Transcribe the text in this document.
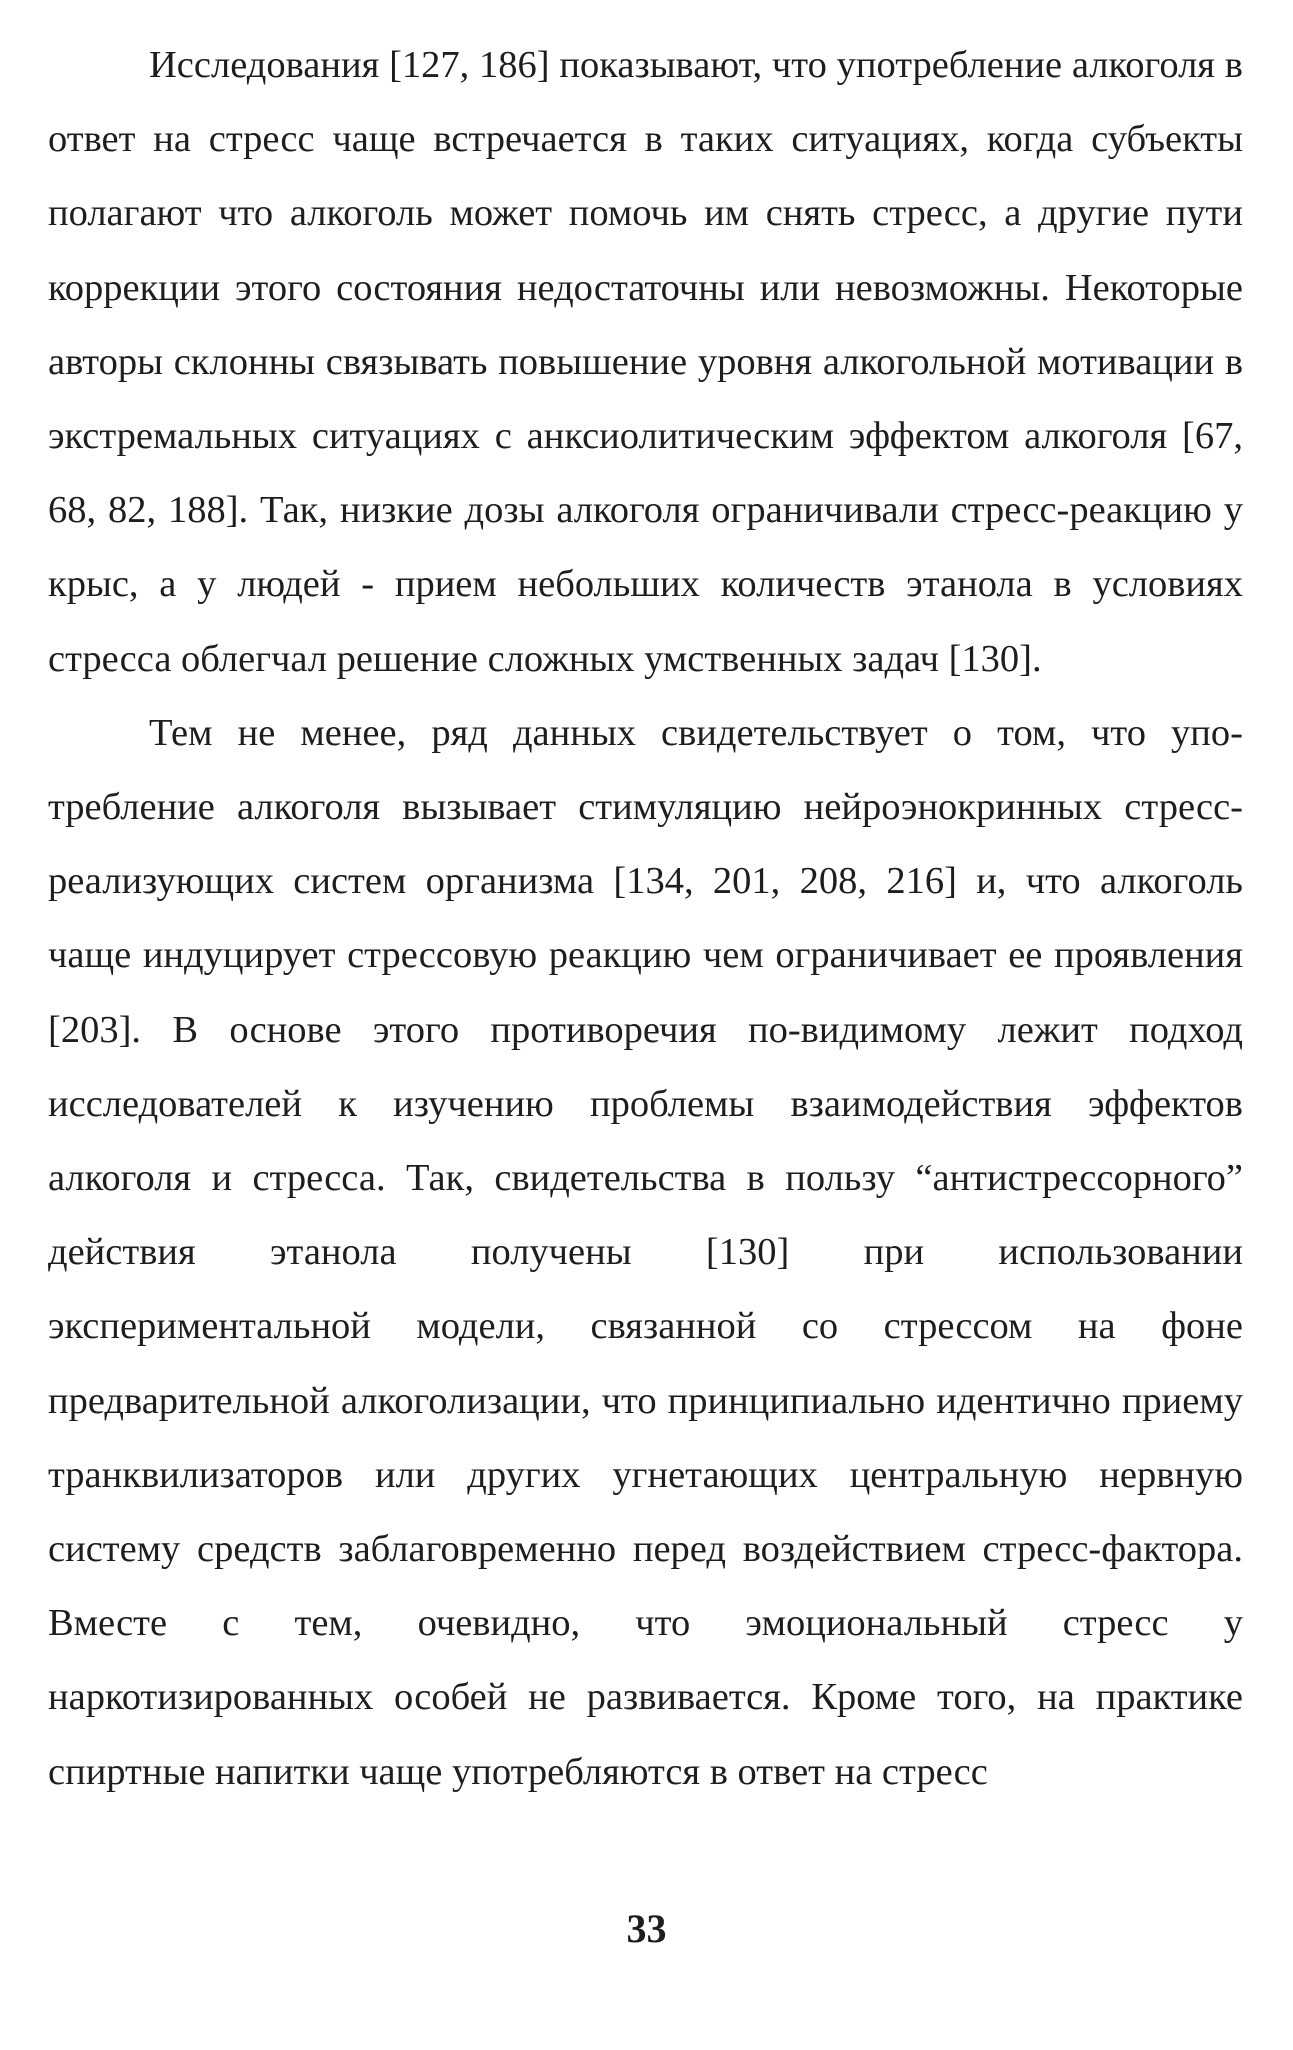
Исследования [127, 186] показывают, что употребление алкоголя в ответ на стресс чаще встречается в таких ситуациях, когда субъекты полагают что алкоголь может помочь им снять стресс, а другие пути коррекции этого состояния недостаточны или невозможны. Некоторые авторы склонны связывать повышение уровня алкогольной мотивации в экстремальных ситуациях с анксиолитическим эффектом алкоголя [67, 68, 82, 188]. Так, низкие дозы алкоголя ограничивали стресс-реакцию у крыс, а у людей - прием небольших количеств этанола в условиях стресса облегчал решение сложных умственных задач [130].

Тем не менее, ряд данных свидетельствует о том, что употребление алкоголя вызывает стимуляцию нейроэнокринных стресс-реализующих систем организма [134, 201, 208, 216] и, что алкоголь чаще индуцирует стрессовую реакцию чем ограничивает ее проявления [203]. В основе этого противоречия по-видимому лежит подход исследователей к изучению проблемы взаимодействия эффектов алкоголя и стресса. Так, свидетельства в пользу “антистрессорного” действия этанола получены [130] при использовании экспериментальной модели, связанной со стрессом на фоне предварительной алкоголизации, что принципиально идентично приему транквилизаторов или других угнетающих центральную нервную систему средств заблаговременно перед воздействием стресс-фактора. Вместе с тем, очевидно, что эмоциональный стресс у наркотизированных особей не развивается. Кроме того, на практике спиртные напитки чаще употребляются в ответ на стресс

33
